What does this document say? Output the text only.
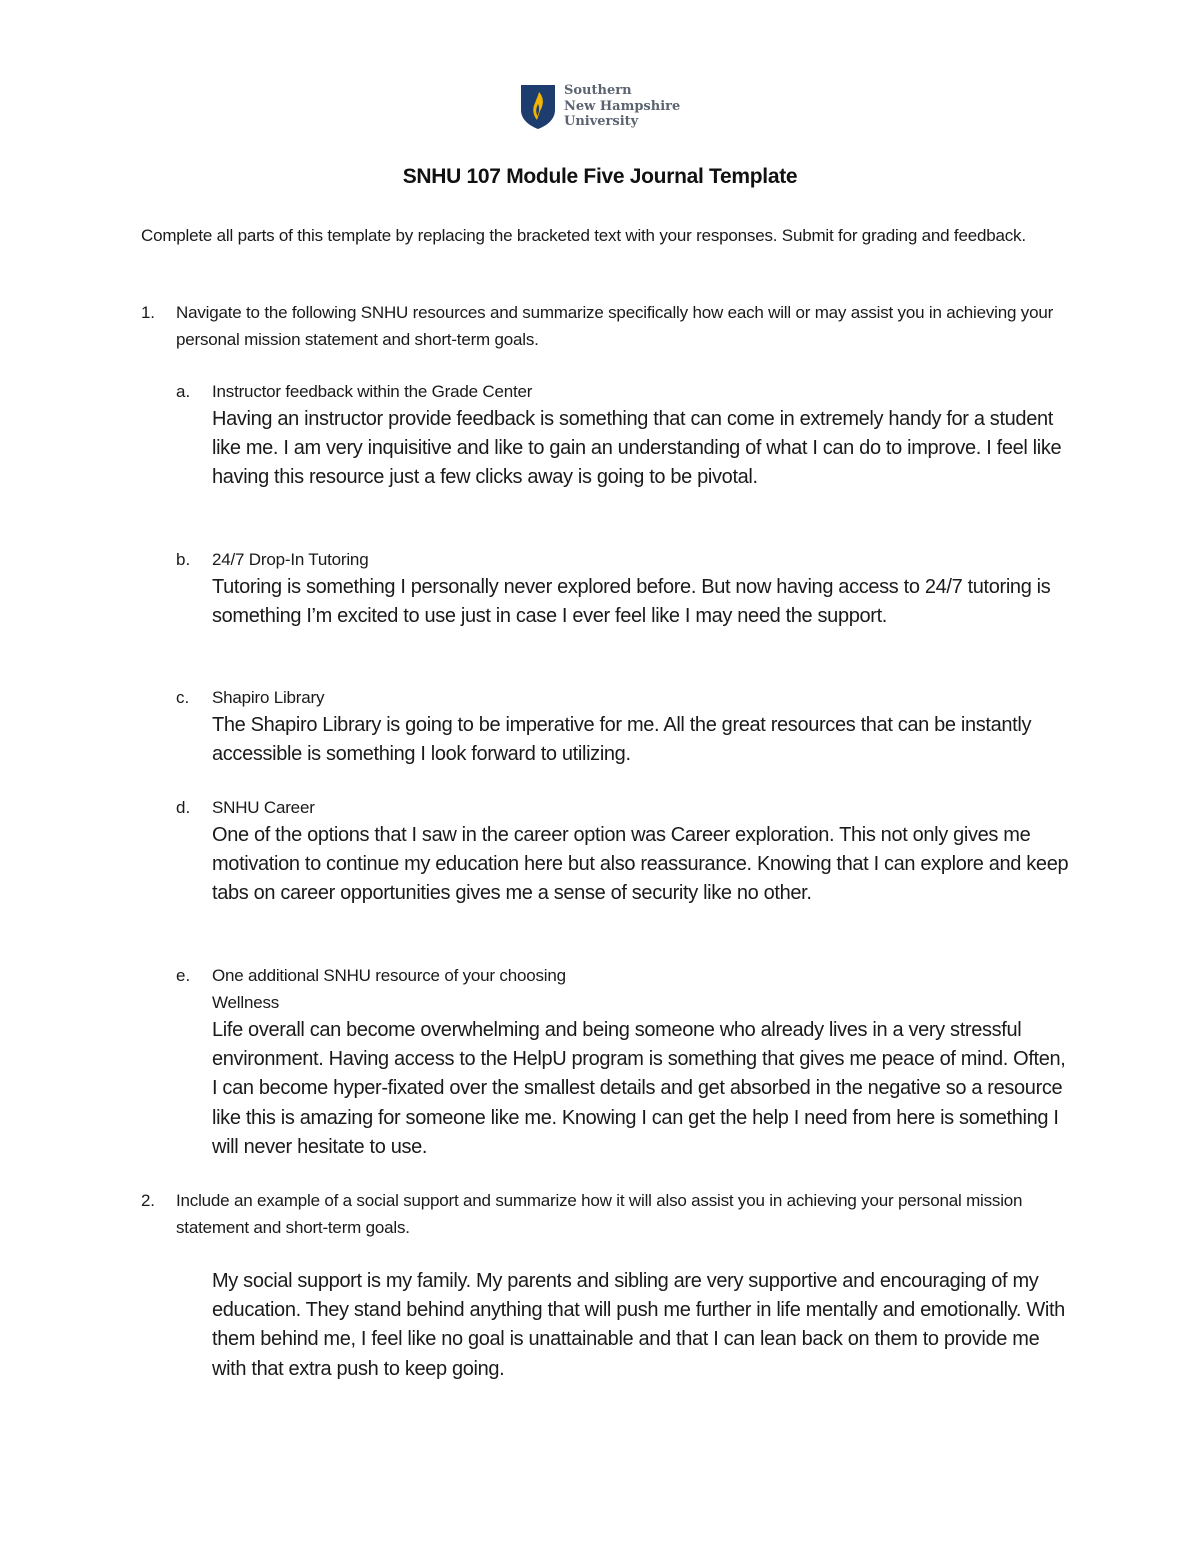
Southern
New Hampshire
University
SNHU 107 Module Five Journal Template
Complete all parts of this template by replacing the bracketed text with your responses. Submit for grading and feedback.
1. Navigate to the following SNHU resources and summarize specifically how each will or may assist you in achieving your personal mission statement and short-term goals.
a. Instructor feedback within the Grade Center
Having an instructor provide feedback is something that can come in extremely handy for a student like me. I am very inquisitive and like to gain an understanding of what I can do to improve. I feel like having this resource just a few clicks away is going to be pivotal.
b. 24/7 Drop-In Tutoring
Tutoring is something I personally never explored before. But now having access to 24/7 tutoring is something I’m excited to use just in case I ever feel like I may need the support.
c. Shapiro Library
The Shapiro Library is going to be imperative for me. All the great resources that can be instantly accessible is something I look forward to utilizing.
d. SNHU Career
One of the options that I saw in the career option was Career exploration. This not only gives me motivation to continue my education here but also reassurance. Knowing that I can explore and keep tabs on career opportunities gives me a sense of security like no other.
e. One additional SNHU resource of your choosing
Wellness
Life overall can become overwhelming and being someone who already lives in a very stressful environment. Having access to the HelpU program is something that gives me peace of mind. Often, I can become hyper-fixated over the smallest details and get absorbed in the negative so a resource like this is amazing for someone like me. Knowing I can get the help I need from here is something I will never hesitate to use.
2. Include an example of a social support and summarize how it will also assist you in achieving your personal mission statement and short-term goals.
My social support is my family. My parents and sibling are very supportive and encouraging of my education. They stand behind anything that will push me further in life mentally and emotionally. With them behind me, I feel like no goal is unattainable and that I can lean back on them to provide me with that extra push to keep going.
